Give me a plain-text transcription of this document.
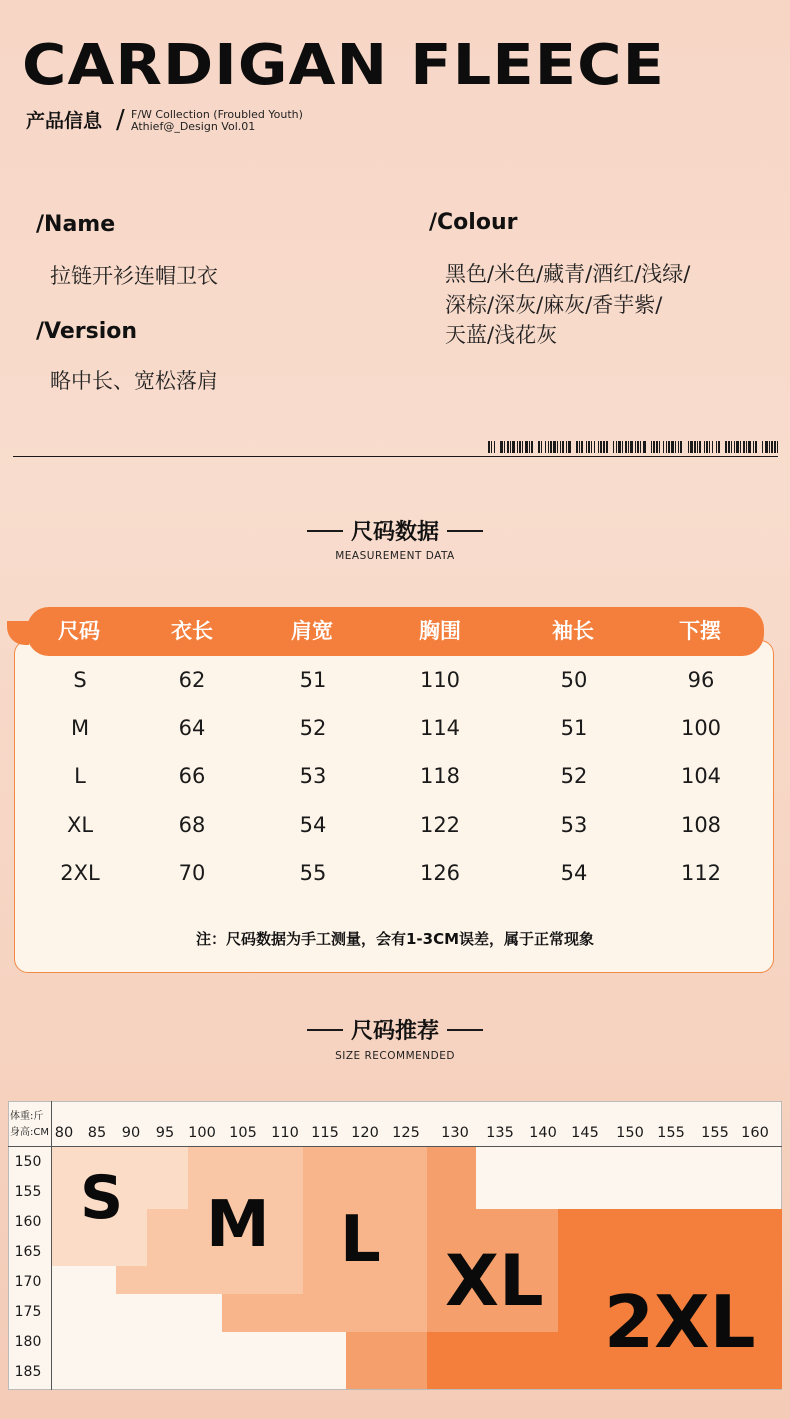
CARDIGAN FLEECE
产品信息 / F/W Collection (Froubled Youth)
Athief@_Design Vol.01
/Name
拉链开衫连帽卫衣
/Version
略中长、宽松落肩
/Colour
黑色/米色/藏青/酒红/浅绿/
深棕/深灰/麻灰/香芋紫/
天蓝/浅花灰
尺码数据
MEASUREMENT DATA
尺码	衣长	肩宽	胸围	袖长	下摆
S	62	51	110	50	96
M	64	52	114	51	100
L	66	53	118	52	104
XL	68	54	122	53	108
2XL	70	55	126	54	112
注：尺码数据为手工测量，会有1-3CM误差，属于正常现象
尺码推荐
SIZE RECOMMENDED
体重:斤
身高:CM 80	85	90	95 100 105 110 115 120 125	130	135	140 145	150 155	155 160
150
155
160
165
170
175
180
185
S M L XL 2XL
